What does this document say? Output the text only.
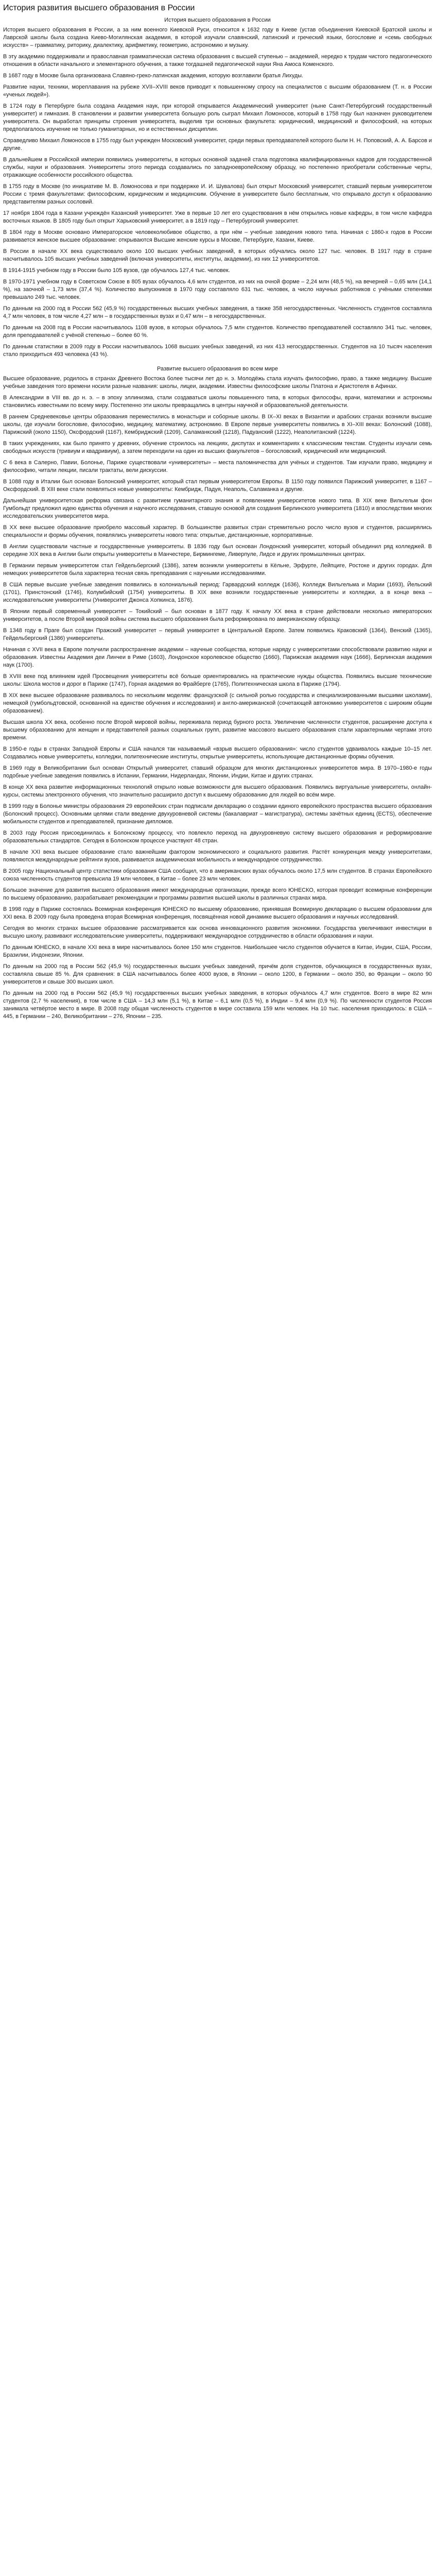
История развития высшего образования в России
История высшего образования в России

История высшего образования в России, а за ним военного Киевской Руси, относится к 1632 году в Киеве (устав объединения Киевской Братской школы и Лаврской школы была создана Киево-Могилянская академия, в которой изучали славянский, латинский и греческий языки, богословие и «семь свободных искусств» – грамматику, риторику, диалектику, арифметику, геометрию, астрономию и музыку.

В эту академию поддерживали и православная грамматическая система образования с высшей ступенью – академией, нередко к трудам чистого педагогического отношения в области начального и элементарного обучения, а также тогдашней педагогической науки Яна Амоса Коменского.

В 1687 году в Москве была организована Славяно-греко-латинская академия, которую возглавили братья Лихуды.

Развитие науки, техники, мореплавания на рубеже XVII–XVIII веков приводит к повышенному спросу на специалистов с высшим образованием (Т. н. в России «ученых людей»).

В 1724 году в Петербурге была создана Академия наук, при которой открывается Академический университет (ныне Санкт-Петербургский государственный университет) и гимназия. В становлении и развитии университета большую роль сыграл Михаил Ломоносов, который в 1758 году был назначен руководителем университета. Он выработал принципы строения университета, выделив три основных факультета: юридический, медицинский и философский, на которых предполагалось изучение не только гуманитарных, но и естественных дисциплин.

Справедливо Михаил Ломоносов в 1755 году был учрежден Московский университет, среди первых преподавателей которого были Н. Н. Поповский, А. А. Барсов и другие.

В дальнейшем в Российской империи появились университеты, в которых основной задачей стала подготовка квалифицированных кадров для государственной службы, науки и образования. Университеты этого периода создавались по западноевропейскому образцу, но постепенно приобретали собственные черты, отражающие особенности российского общества.

В 1755 году в Москве (по инициативе М. В. Ломоносова и при поддержке И. И. Шувалова) был открыт Московский университет, ставший первым университетом России с тремя факультетами: философским, юридическим и медицинским. Обучение в университете было бесплатным, что открывало доступ к образованию представителям разных сословий.

17 ноября 1804 года в Казани учреждён Казанский университет. Уже в первые 10 лет его существования в нём открылись новые кафедры, в том числе кафедра восточных языков. В 1805 году был открыт Харьковский университет, а в 1819 году – Петербургский университет.

В 1804 году в Москве основано Императорское человеколюбивое общество, а при нём – учебные заведения нового типа. Начиная с 1860-х годов в России развивается женское высшее образование: открываются Высшие женские курсы в Москве, Петербурге, Казани, Киеве.

В России в начале XX века существовало около 100 высших учебных заведений, в которых обучались около 127 тыс. человек. В 1917 году в стране насчитывалось 105 высших учебных заведений (включая университеты, институты, академии), из них 12 университетов.

В 1914-1915 учебном году в России было 105 вузов, где обучалось 127,4 тыс. человек.

В 1970-1971 учебном году в Советском Союзе в 805 вузах обучалось 4,6 млн студентов, из них на очной форме – 2,24 млн (48,5 %), на вечерней – 0,65 млн (14,1 %), на заочной – 1,73 млн (37,4 %). Количество выпускников в 1970 году составляло 631 тыс. человек, а число научных работников с учёными степенями превышало 249 тыс. человек.

По данным на 2000 год в России 562 (45,9 %) государственных высших учебных заведения, а также 358 негосударственных. Численность студентов составляла 4,7 млн человек, в том числе 4,27 млн – в государственных вузах и 0,47 млн – в негосударственных.

По данным на 2008 год в России насчитывалось 1108 вузов, в которых обучалось 7,5 млн студентов. Количество преподавателей составляло 341 тыс. человек, доля преподавателей с учёной степенью – более 60 %.

По данным статистики в 2009 году в России насчитывалось 1068 высших учебных заведений, из них 413 негосударственных. Студентов на 10 тысяч населения стало приходиться 493 человека (43 %).

Развитие высшего образования во всем мире

Высшее образование, родилось в странах Древнего Востока более тысячи лет до н. э. Молодёжь стала изучать философию, право, а также медицину. Высшие учебные заведения того времени носили разные названия: школы, лицеи, академии. Известны философские школы Платона и Аристотеля в Афинах.

В Александрии в VIII вв. до н. э. – в эпоху эллинизма, стали создаваться школы повышенного типа, в которых философы, врачи, математики и астрономы становились известными по всему миру. Постепенно эти школы превращались в центры научной и образовательной деятельности.

В раннем Средневековье центры образования переместились в монастыри и соборные школы. В IX–XI веках в Византии и арабских странах возникли высшие школы, где изучали богословие, философию, медицину, математику, астрономию. В Европе первые университеты появились в XI–XIII веках: Болонский (1088), Парижский (около 1150), Оксфордский (1167), Кембриджский (1209), Саламанкский (1218), Падуанский (1222), Неаполитанский (1224).

В таких учреждениях, как было принято у древних, обучение строилось на лекциях, диспутах и комментариях к классическим текстам. Студенты изучали семь свободных искусств (тривиум и квадривиум), а затем переходили на один из высших факультетов – богословский, юридический или медицинский.

С 6 века в Салерно, Павии, Болонье, Париже существовали «университеты» – места паломничества для учёных и студентов. Там изучали право, медицину и философию, читали лекции, писали трактаты, вели дискуссии.

В 1088 году в Италии был основан Болонский университет, который стал первым университетом Европы. В 1150 году появился Парижский университет, в 1167 – Оксфордский. В XIII веке стали появляться новые университеты: Кембридж, Падуя, Неаполь, Саламанка и другие.

Дальнейшая университетская реформа связана с развитием гуманитарного знания и появлением университетов нового типа. В XIX веке Вильгельм фон Гумбольдт предложил идею единства обучения и научного исследования, ставшую основой для создания Берлинского университета (1810) и впоследствии многих исследовательских университетов мира.

В XX веке высшее образование приобрело массовый характер. В большинстве развитых стран стремительно росло число вузов и студентов, расширялись специальности и формы обучения, появлялись университеты нового типа: открытые, дистанционные, корпоративные.

В Англии существовали частные и государственные университеты. В 1836 году был основан Лондонский университет, который объединил ряд колледжей. В середине XIX века в Англии были открыты университеты в Манчестере, Бирмингеме, Ливерпуле, Лидсе и других промышленных центрах.

В Германии первым университетом стал Гейдельбергский (1386), затем возникли университеты в Кёльне, Эрфурте, Лейпциге, Ростоке и других городах. Для немецких университетов была характерна тесная связь преподавания с научными исследованиями.

В США первые высшие учебные заведения появились в колониальный период: Гарвардский колледж (1636), Колледж Вильгельма и Марии (1693), Йельский (1701), Принстонский (1746), Колумбийский (1754) университеты. В XIX веке возникли государственные университеты и колледжи, а в конце века – исследовательские университеты (Университет Джонса Хопкинса, 1876).

В Японии первый современный университет – Токийский – был основан в 1877 году. К началу XX века в стране действовали несколько императорских университетов, а после Второй мировой войны система высшего образования была реформирована по американскому образцу.

В 1348 году в Праге был создан Пражский университет – первый университет в Центральной Европе. Затем появились Краковский (1364), Венский (1365), Гейдельбергский (1386) университеты.

Начиная с XVII века в Европе получили распространение академии – научные сообщества, которые наряду с университетами способствовали развитию науки и образования. Известны Академия деи Линчеи в Риме (1603), Лондонское королевское общество (1660), Парижская академия наук (1666), Берлинская академия наук (1700).

В XVIII веке под влиянием идей Просвещения университеты всё больше ориентировались на практические нужды общества. Появились высшие технические школы: Школа мостов и дорог в Париже (1747), Горная академия во Фрайберге (1765), Политехническая школа в Париже (1794).

В XIX веке высшее образование развивалось по нескольким моделям: французской (с сильной ролью государства и специализированными высшими школами), немецкой (гумбольдтовской, основанной на единстве обучения и исследования) и англо-американской (сочетающей автономию университетов с широким общим образованием).

Высшая школа XX века, особенно после Второй мировой войны, переживала период бурного роста. Увеличение численности студентов, расширение доступа к высшему образованию для женщин и представителей разных социальных групп, развитие массового высшего образования стали характерными чертами этого времени.

В 1950-е годы в странах Западной Европы и США начался так называемый «взрыв высшего образования»: число студентов удваивалось каждые 10–15 лет. Создавались новые университеты, колледжи, политехнические институты, открытые университеты, использующие дистанционные формы обучения.

В 1969 году в Великобритании был основан Открытый университет, ставший образцом для многих дистанционных университетов мира. В 1970–1980-е годы подобные учебные заведения появились в Испании, Германии, Нидерландах, Японии, Индии, Китае и других странах.

В конце XX века развитие информационных технологий открыло новые возможности для высшего образования. Появились виртуальные университеты, онлайн-курсы, системы электронного обучения, что значительно расширило доступ к высшему образованию для людей во всём мире.

В 1999 году в Болонье министры образования 29 европейских стран подписали декларацию о создании единого европейского пространства высшего образования (Болонский процесс). Основными целями стали введение двухуровневой системы (бакалавриат – магистратура), системы зачётных единиц (ECTS), обеспечение мобильности студентов и преподавателей, признание дипломов.

В 2003 году Россия присоединилась к Болонскому процессу, что повлекло переход на двухуровневую систему высшего образования и реформирование образовательных стандартов. Сегодня в Болонском процессе участвуют 48 стран.

В начале XXI века высшее образование стало важнейшим фактором экономического и социального развития. Растёт конкуренция между университетами, появляются международные рейтинги вузов, развивается академическая мобильность и международное сотрудничество.

В 2005 году Национальный центр статистики образования США сообщил, что в американских вузах обучалось около 17,5 млн студентов. В странах Европейского союза численность студентов превысила 19 млн человек, в Китае – более 23 млн человек.

Большое значение для развития высшего образования имеют международные организации, прежде всего ЮНЕСКО, которая проводит всемирные конференции по высшему образованию, разрабатывает рекомендации и программы развития высшей школы в различных странах мира.

В 1998 году в Париже состоялась Всемирная конференция ЮНЕСКО по высшему образованию, принявшая Всемирную декларацию о высшем образовании для XXI века. В 2009 году была проведена вторая Всемирная конференция, посвящённая новой динамике высшего образования и научных исследований.

Сегодня во многих странах высшее образование рассматривается как основа инновационного развития экономики. Государства увеличивают инвестиции в высшую школу, развивают исследовательские университеты, поддерживают международное сотрудничество в области образования и науки.

По данным ЮНЕСКО, в начале XXI века в мире насчитывалось более 150 млн студентов. Наибольшее число студентов обучается в Китае, Индии, США, России, Бразилии, Индонезии, Японии.

По данным на 2000 год в России 562 (45,9 %) государственных высших учебных заведений, причём доля студентов, обучающихся в государственных вузах, составляла свыше 85 %. Для сравнения: в США насчитывалось более 4000 вузов, в Японии – около 1200, в Германии – около 350, во Франции – около 90 университетов и свыше 300 высших школ.

По данным на 2000 год в России 562 (45,9 %) государственных высших учебных заведения, в которых обучалось 4,7 млн студентов. Всего в мире 82 млн студентов (2,7 % населения), в том числе в США – 14,3 млн (5,1 %), в Китае – 6,1 млн (0,5 %), в Индии – 9,4 млн (0,9 %). По численности студентов Россия занимала четвёртое место в мире. В 2008 году общая численность студентов в мире составила 159 млн человек. На 10 тыс. населения приходилось: в США – 445, в Германии – 240, Великобритании – 276, Японии – 235.
